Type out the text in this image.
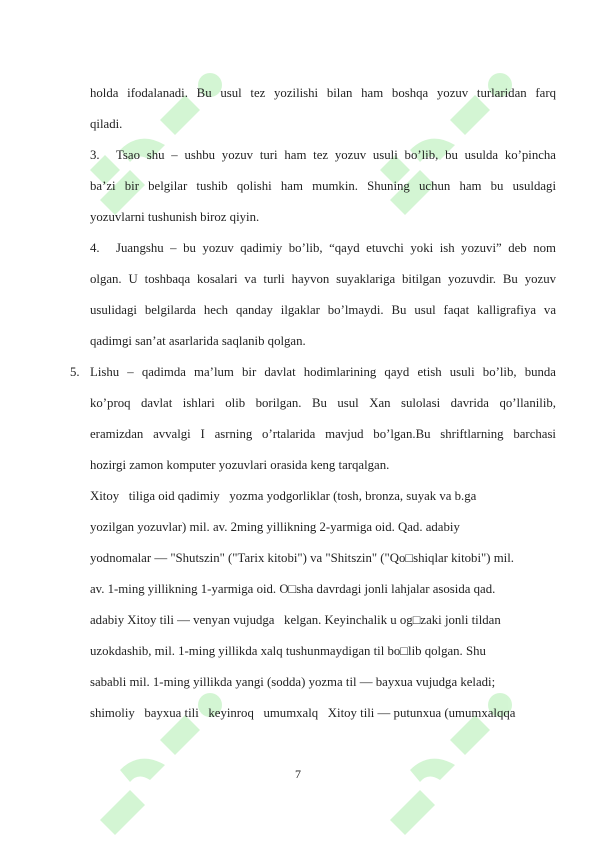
holda ifodalanadi. Bu usul tez yozilishi bilan ham boshqa yozuv turlaridan farq
qiladi.
3. Tsao shu – ushbu yozuv turi ham tez yozuv usuli bo’lib, bu usulda ko’pincha
ba’zi bir belgilar tushib qolishi ham mumkin. Shuning uchun ham bu usuldagi
yozuvlarni tushunish biroz qiyin.
4. Juangshu – bu yozuv qadimiy bo’lib, “qayd etuvchi yoki ish yozuvi” deb nom
olgan. U toshbaqa kosalari va turli hayvon suyaklariga bitilgan yozuvdir. Bu yozuv
usulidagi belgilarda hech qanday ilgaklar bo’lmaydi. Bu usul faqat kalligrafiya va
qadimgi san’at asarlarida saqlanib qolgan.
5. Lishu – qadimda ma’lum bir davlat hodimlarining qayd etish usuli bo’lib, bunda
ko’proq davlat ishlari olib borilgan. Bu usul Xan sulolasi davrida qo’llanilib,
eramizdan avvalgi I asrning o’rtalarida mavjud bo’lgan.Bu shriftlarning barchasi
hozirgi zamon komputer yozuvlari orasida keng tarqalgan.
Xitoy   tiliga oid qadimiy   yozma yodgorliklar (tosh, bronza, suyak va b.ga
yozilgan yozuvlar) mil. av. 2ming yillikning 2-yarmiga oid. Qad. adabiy
yodnomalar — "Shutszin" ("Tarix kitobi") va "Shitszin" ("Qo□shiqlar kitobi") mil.
av. 1-ming yillikning 1-yarmiga oid. O□sha davrdagi jonli lahjalar asosida qad.
adabiy Xitoy tili — venyan vujudga   kelgan. Keyinchalik u og□zaki jonli tildan
uzokdashib, mil. 1-ming yillikda xalq tushunmaydigan til bo□lib qolgan. Shu
sababli mil. 1-ming yillikda yangi (sodda) yozma til — bayxua vujudga keladi;
shimoliy   bayxua tili   keyinroq   umumxalq   Xitoy tili — putunxua (umumxalqqa
7
